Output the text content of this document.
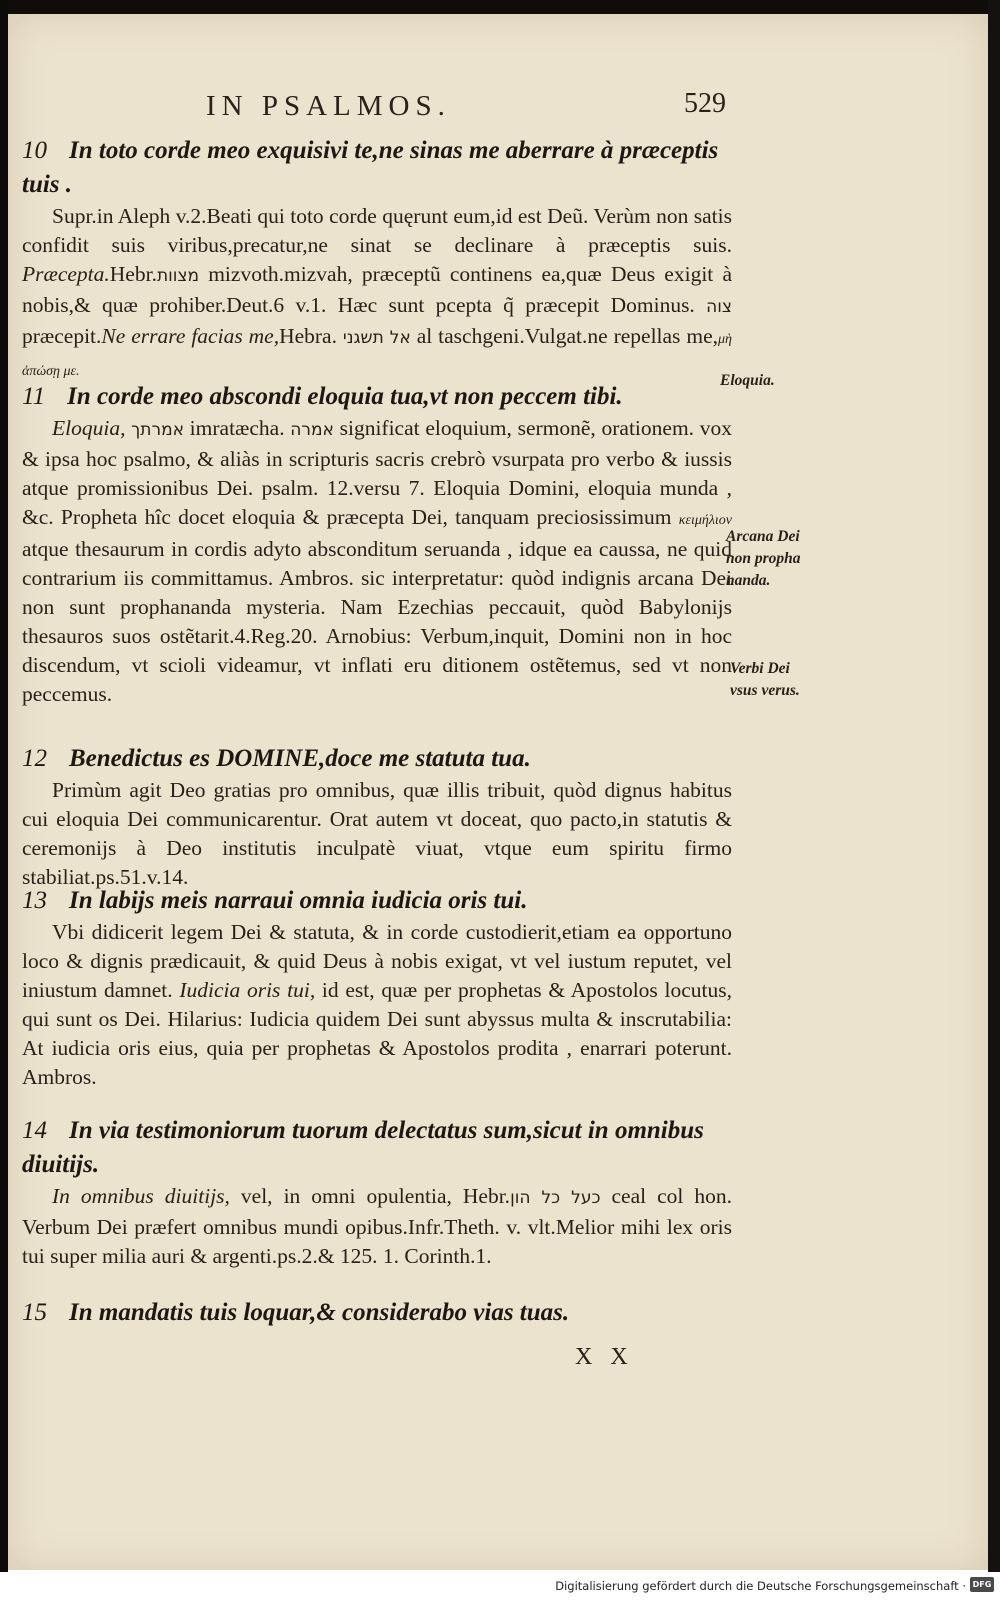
IN PSALMOS.	529

10 In toto corde meo exquisivi te,ne sinas me aberrare à præceptis tuis .

Supr.in Aleph v.2.Beati qui toto corde quęrunt eum,id est Deũ. Verùm non satis confidit suis viribus,precatur,ne sinat se declinare à præceptis suis. Præcepta.Hebr.מצוות mizvoth.mizvah, præceptũ continens ea,quæ Deus exigit à nobis,& quæ prohiber.Deut.6 v.1. Hæc sunt pcepta q̃ præcepit Dominus. צוה præcepit.Ne errare facias me,Hebra. אל תשגני al taschgeni.Vulgat.ne repellas me,μὴ ἀπώσῃ με.

11 In corde meo abscondi eloquia tua,vt non peccem tibi.

Eloquia, אמרתך imratæcha. אמרה significat eloquium, sermonẽ, orationem. vox & ipsa hoc psalmo, & aliàs in scripturis sacris crebrò vsurpata pro verbo & iussis atque promissionibus Dei. psalm. 12.versu 7. Eloquia Domini, eloquia munda , &c. Propheta hîc docet eloquia & præcepta Dei, tanquam preciosissimum κειμήλιον atque thesaurum in cordis adyto absconditum seruanda , idque ea caussa, ne quid contrarium iis committamus. Ambros. sic interpretatur: quòd indignis arcana Dei non sunt prophananda mysteria. Nam Ezechias peccauit, quòd Babylonijs thesauros suos ostẽtarit.4.Reg.20. Arnobius: Verbum,inquit, Domini non in hoc discendum, vt scioli videamur, vt inflati eru ditionem ostẽtemus, sed vt non peccemus.

12 Benedictus es DOMINE,doce me statuta tua.

Primùm agit Deo gratias pro omnibus, quæ illis tribuit, quòd dignus habitus cui eloquia Dei communicarentur. Orat autem vt doceat, quo pacto,in statutis & ceremonijs à Deo institutis inculpatè viuat, vtque eum spiritu firmo stabiliat.ps.51.v.14.

13 In labijs meis narraui omnia iudicia oris tui.

Vbi didicerit legem Dei & statuta, & in corde custodierit,etiam ea opportuno loco & dignis prædicauit, & quid Deus à nobis exigat, vt vel iustum reputet, vel iniustum damnet. Iudicia oris tui, id est, quæ per prophetas & Apostolos locutus, qui sunt os Dei. Hilarius: Iudicia quidem Dei sunt abyssus multa & inscrutabilia: At iudicia oris eius, quia per prophetas & Apostolos prodita , enarrari poterunt. Ambros.

14 In via testimoniorum tuorum delectatus sum,sicut in omnibus diuitijs.

In omnibus diuitijs, vel, in omni opulentia, Hebr.כעל כל הון ceal col hon. Verbum Dei præfert omnibus mundi opibus.Infr.Theth. v. vlt.Melior mihi lex oris tui super milia auri & argenti.ps.2.& 125. 1. Corinth.1.

15 In mandatis tuis loquar,& considerabo vias tuas.

X X
Eloquia.
Arcana Dei
non propha
nanda.
Verbi Dei
vsus verus.
Digitalisierung gefördert durch die Deutsche Forschungsgemeinschaft · DFG
